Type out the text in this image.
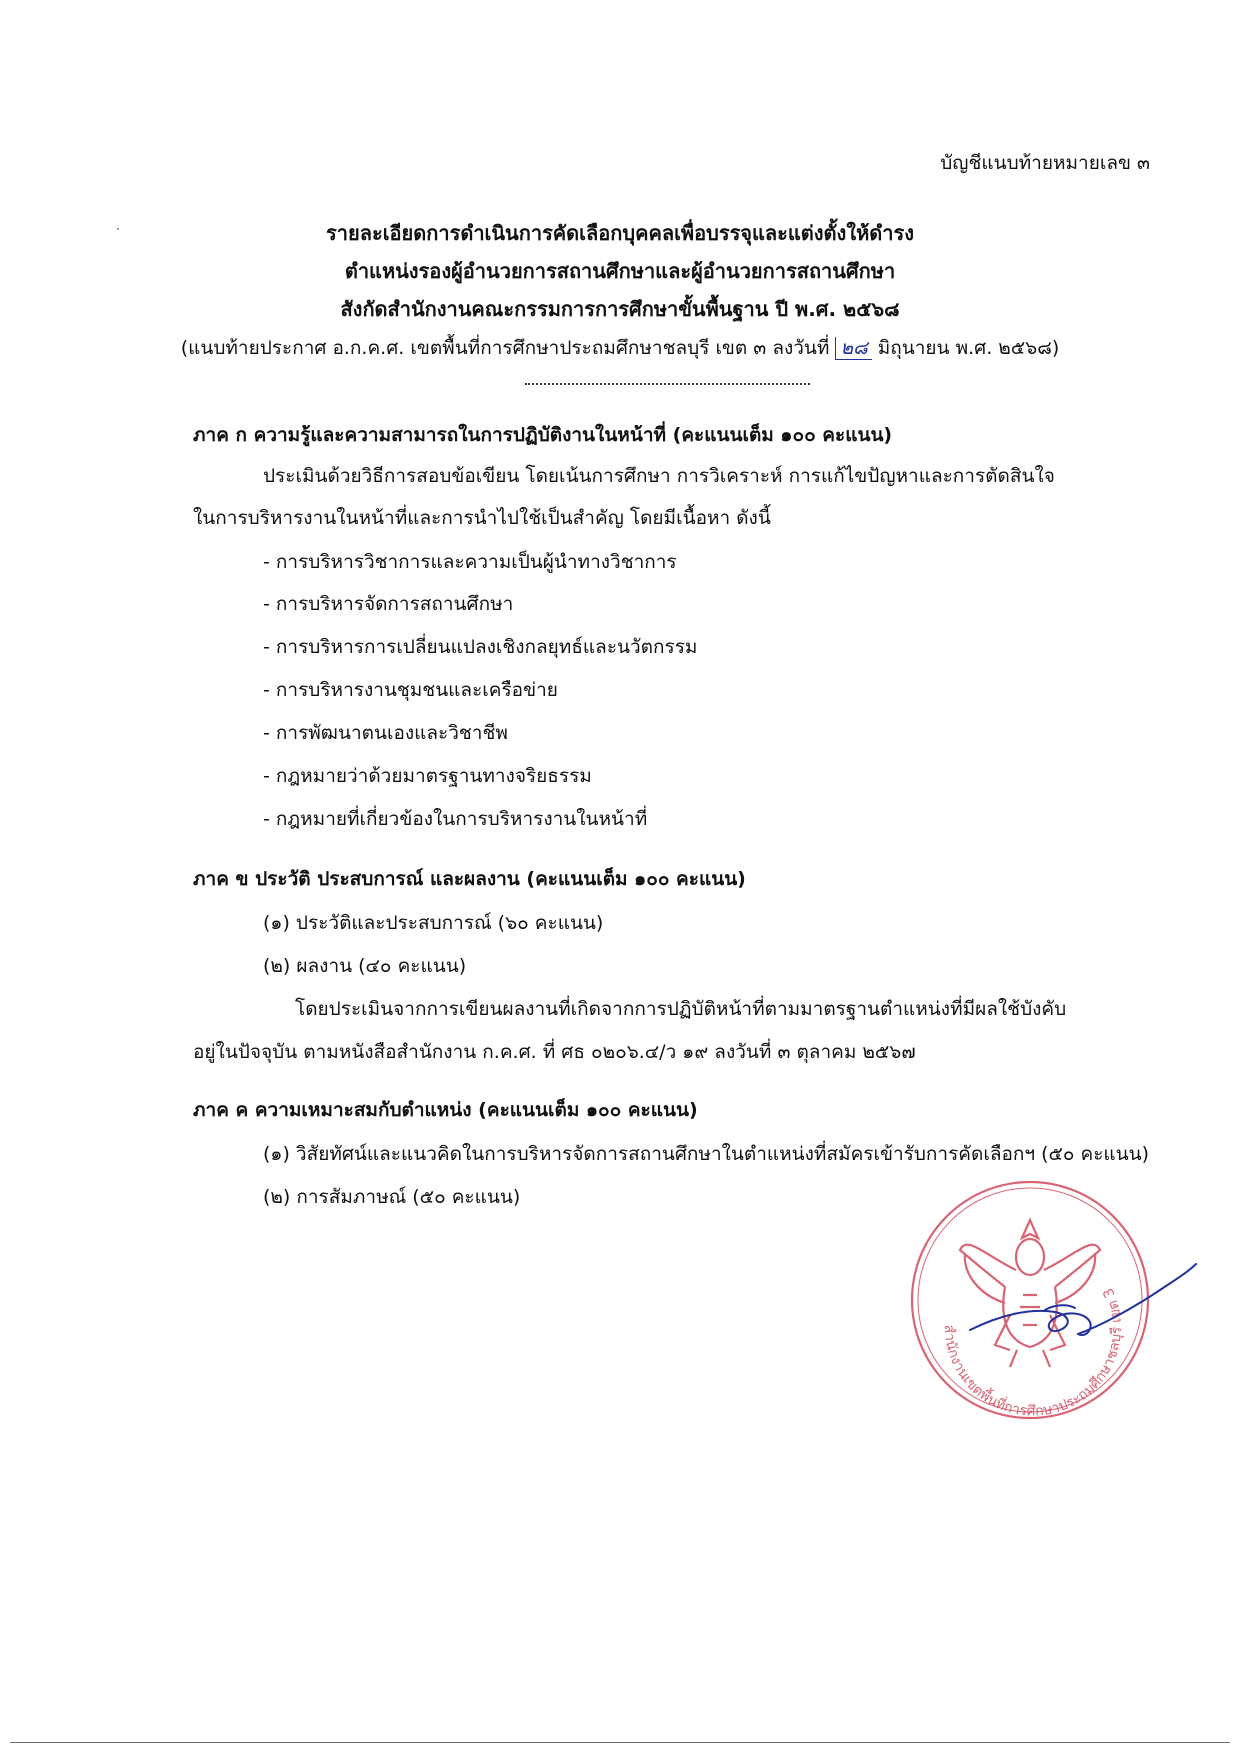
บัญชีแนบท้ายหมายเลข ๓
รายละเอียดการดำเนินการคัดเลือกบุคคลเพื่อบรรจุและแต่งตั้งให้ดำรง
ตำแหน่งรองผู้อำนวยการสถานศึกษาและผู้อำนวยการสถานศึกษา
สังกัดสำนักงานคณะกรรมการการศึกษาขั้นพื้นฐาน ปี พ.ศ. ๒๕๖๘
(แนบท้ายประกาศ อ.ก.ค.ศ. เขตพื้นที่การศึกษาประถมศึกษาชลบุรี เขต ๓ ลงวันที่ ๒๘ มิถุนายน พ.ศ. ๒๕๖๘)
ภาค ก ความรู้และความสามารถในการปฏิบัติงานในหน้าที่ (คะแนนเต็ม ๑๐๐ คะแนน)
ประเมินด้วยวิธีการสอบข้อเขียน โดยเน้นการศึกษา การวิเคราะห์ การแก้ไขปัญหาและการตัดสินใจ
ในการบริหารงานในหน้าที่และการนำไปใช้เป็นสำคัญ โดยมีเนื้อหา ดังนี้
- การบริหารวิชาการและความเป็นผู้นำทางวิชาการ
- การบริหารจัดการสถานศึกษา
- การบริหารการเปลี่ยนแปลงเชิงกลยุทธ์และนวัตกรรม
- การบริหารงานชุมชนและเครือข่าย
- การพัฒนาตนเองและวิชาชีพ
- กฎหมายว่าด้วยมาตรฐานทางจริยธรรม
- กฎหมายที่เกี่ยวข้องในการบริหารงานในหน้าที่
ภาค ข ประวัติ ประสบการณ์ และผลงาน (คะแนนเต็ม ๑๐๐ คะแนน)
(๑) ประวัติและประสบการณ์ (๖๐ คะแนน)
(๒) ผลงาน (๔๐ คะแนน)
โดยประเมินจากการเขียนผลงานที่เกิดจากการปฏิบัติหน้าที่ตามมาตรฐานตำแหน่งที่มีผลใช้บังคับ
อยู่ในปัจจุบัน ตามหนังสือสำนักงาน ก.ค.ศ. ที่ ศธ ๐๒๐๖.๔/ว ๑๙ ลงวันที่ ๓ ตุลาคม ๒๕๖๗
ภาค ค ความเหมาะสมกับตำแหน่ง (คะแนนเต็ม ๑๐๐ คะแนน)
(๑) วิสัยทัศน์และแนวคิดในการบริหารจัดการสถานศึกษาในตำแหน่งที่สมัครเข้ารับการคัดเลือกฯ (๕๐ คะแนน)
(๒) การสัมภาษณ์ (๕๐ คะแนน)
สำนักงานเขตพื้นที่การศึกษาประถมศึกษาชลบุรี เขต 3
